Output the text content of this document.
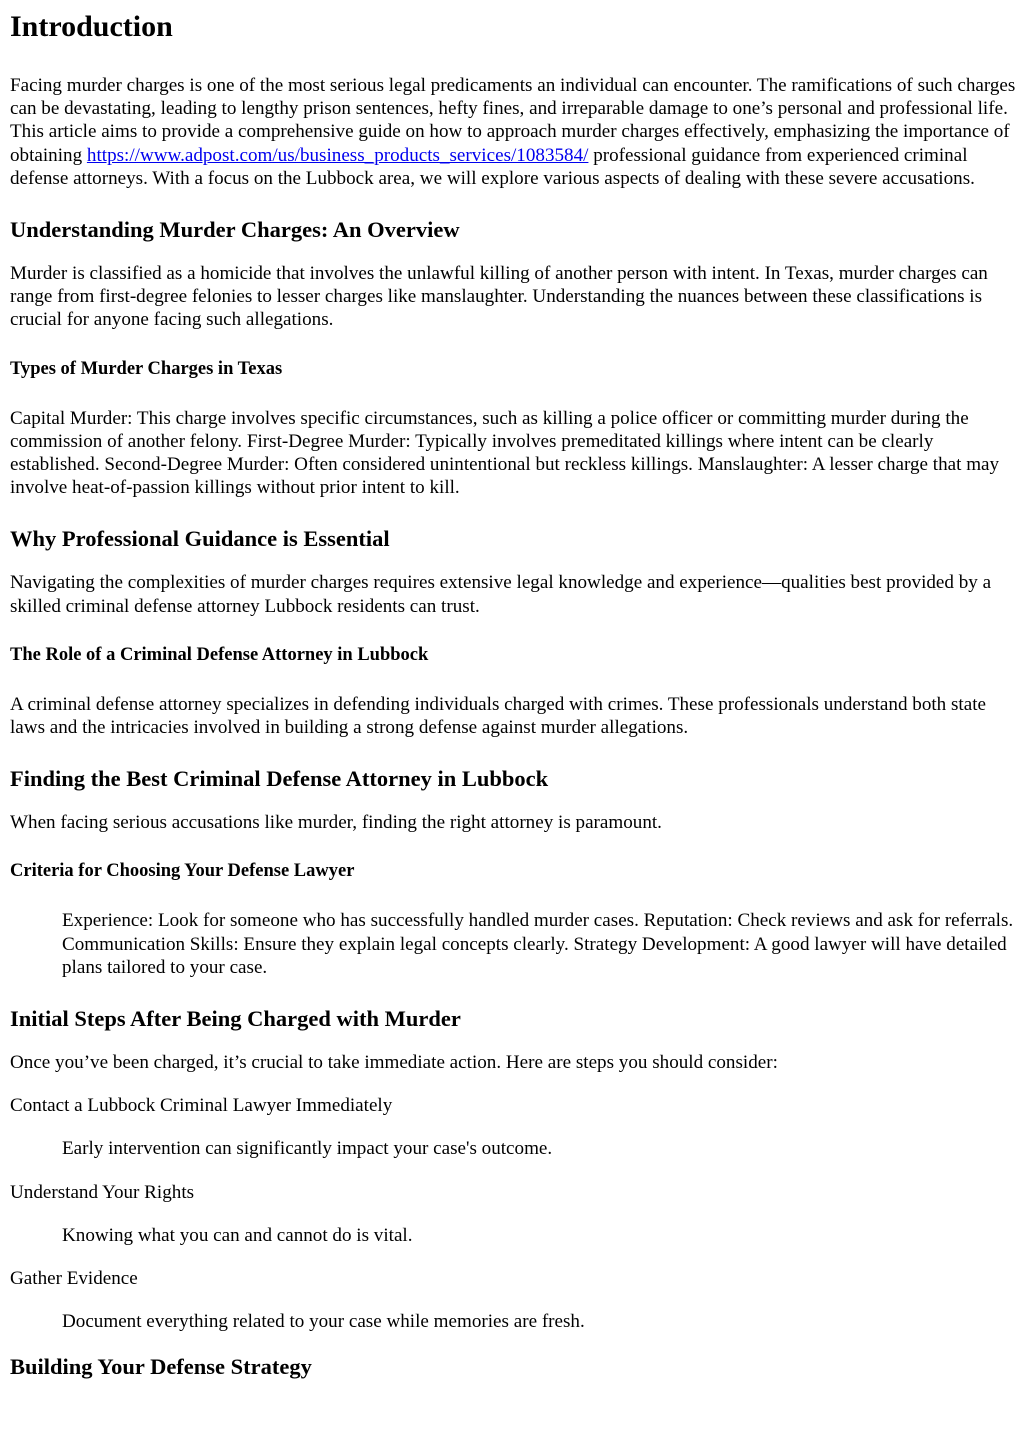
Introduction

Facing murder charges is one of the most serious legal predicaments an individual can encounter. The ramifications of such charges can be devastating, leading to lengthy prison sentences, hefty fines, and irreparable damage to one’s personal and professional life. This article aims to provide a comprehensive guide on how to approach murder charges effectively, emphasizing the importance of obtaining https://www.adpost.com/us/business_products_services/1083584/ professional guidance from experienced criminal defense attorneys. With a focus on the Lubbock area, we will explore various aspects of dealing with these severe accusations.

Understanding Murder Charges: An Overview

Murder is classified as a homicide that involves the unlawful killing of another person with intent. In Texas, murder charges can range from first-degree felonies to lesser charges like manslaughter. Understanding the nuances between these classifications is crucial for anyone facing such allegations.

Types of Murder Charges in Texas

Capital Murder: This charge involves specific circumstances, such as killing a police officer or committing murder during the commission of another felony. First-Degree Murder: Typically involves premeditated killings where intent can be clearly established. Second-Degree Murder: Often considered unintentional but reckless killings. Manslaughter: A lesser charge that may involve heat-of-passion killings without prior intent to kill.

Why Professional Guidance is Essential

Navigating the complexities of murder charges requires extensive legal knowledge and experience—qualities best provided by a skilled criminal defense attorney Lubbock residents can trust.

The Role of a Criminal Defense Attorney in Lubbock

A criminal defense attorney specializes in defending individuals charged with crimes. These professionals understand both state laws and the intricacies involved in building a strong defense against murder allegations.

Finding the Best Criminal Defense Attorney in Lubbock

When facing serious accusations like murder, finding the right attorney is paramount.

Criteria for Choosing Your Defense Lawyer
Experience: Look for someone who has successfully handled murder cases. Reputation: Check reviews and ask for referrals. Communication Skills: Ensure they explain legal concepts clearly. Strategy Development: A good lawyer will have detailed plans tailored to your case.
Initial Steps After Being Charged with Murder

Once you’ve been charged, it’s crucial to take immediate action. Here are steps you should consider:

Contact a Lubbock Criminal Lawyer Immediately
Early intervention can significantly impact your case's outcome.
Understand Your Rights
Knowing what you can and cannot do is vital.
Gather Evidence
Document everything related to your case while memories are fresh.
Building Your Defense Strategy
